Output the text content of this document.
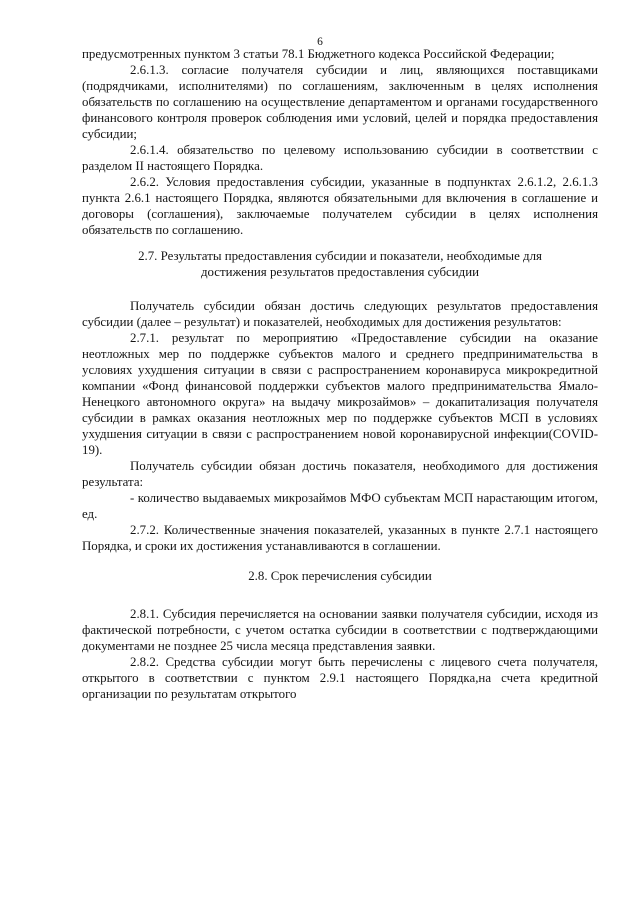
6

предусмотренных пунктом 3 статьи 78.1 Бюджетного кодекса Российской Федерации;

2.6.1.3. согласие получателя субсидии и лиц, являющихся поставщиками (подрядчиками, исполнителями) по соглашениям, заключенным в целях исполнения обязательств по соглашению на осуществление департаментом и органами государственного финансового контроля проверок соблюдения ими условий, целей и порядка предоставления субсидии;

2.6.1.4. обязательство по целевому использованию субсидии в соответствии с разделом II настоящего Порядка.

2.6.2. Условия предоставления субсидии, указанные в подпунктах 2.6.1.2, 2.6.1.3 пункта 2.6.1 настоящего Порядка, являются обязательными для включения в соглашение и договоры (соглашения), заключаемые получателем субсидии в целях исполнения обязательств по соглашению.

2.7. Результаты предоставления субсидии и показатели, необходимые для

достижения результатов предоставления субсидии

Получатель субсидии обязан достичь следующих результатов предоставления субсидии (далее – результат) и показателей, необходимых для достижения результатов:

2.7.1. результат по мероприятию «Предоставление субсидии на оказание неотложных мер по поддержке субъектов малого и среднего предпринимательства в условиях ухудшения ситуации в связи с распространением коронавируса микрокредитной компании «Фонд финансовой поддержки субъектов малого предпринимательства Ямало-Ненецкого автономного округа» на выдачу микрозаймов» – докапитализация получателя субсидии в рамках оказания неотложных мер по поддержке субъектов МСП в условиях ухудшения ситуации в связи с распространением новой коронавирусной инфекции(COVID-19).

Получатель субсидии обязан достичь показателя, необходимого для достижения результата:

- количество выдаваемых микрозаймов МФО субъектам МСП нарастающим итогом, ед.

2.7.2. Количественные значения показателей, указанных в пункте 2.7.1 настоящего Порядка, и сроки их достижения устанавливаются в соглашении.

2.8. Срок перечисления субсидии

2.8.1. Субсидия перечисляется на основании заявки получателя субсидии, исходя из фактической потребности, с учетом остатка субсидии в соответствии с подтверждающими документами не позднее 25 числа месяца представления заявки.

2.8.2. Средства субсидии могут быть перечислены с лицевого счета получателя, открытого в соответствии с пунктом 2.9.1 настоящего Порядка,на счета кредитной организации по результатам открытого
